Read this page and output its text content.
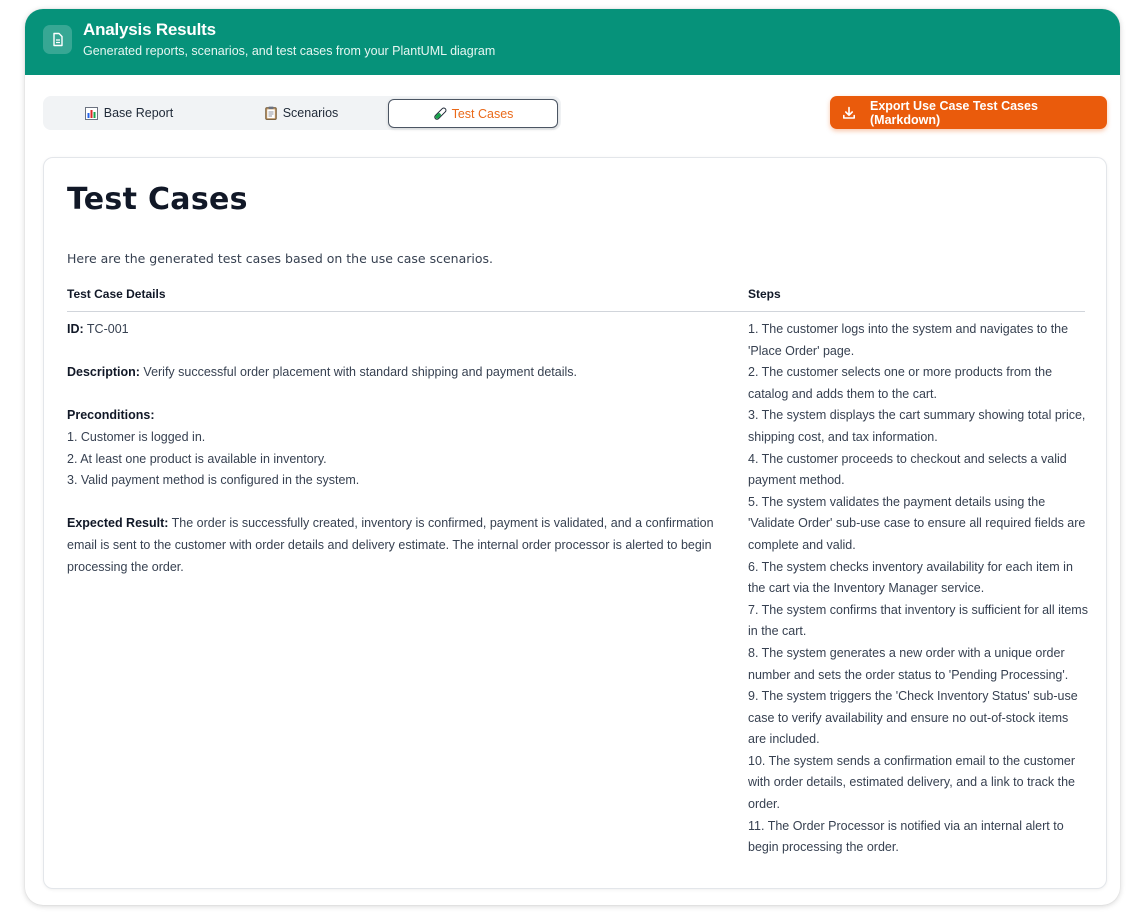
Analysis Results
Generated reports, scenarios, and test cases from your PlantUML diagram
Base Report	Scenarios	Test Cases
Export Use Case Test Cases (Markdown)
Test Cases
Here are the generated test cases based on the use case scenarios.
Test Case Details	Steps
ID: TC-001
Description: Verify successful order placement with standard shipping and payment details.
Preconditions:
1. Customer is logged in.
2. At least one product is available in inventory.
3. Valid payment method is configured in the system.
Expected Result: The order is successfully created, inventory is confirmed, payment is validated, and a confirmation email is sent to the customer with order details and delivery estimate. The internal order processor is alerted to begin processing the order.
1. The customer logs into the system and navigates to the 'Place Order' page.
2. The customer selects one or more products from the catalog and adds them to the cart.
3. The system displays the cart summary showing total price, shipping cost, and tax information.
4. The customer proceeds to checkout and selects a valid payment method.
5. The system validates the payment details using the 'Validate Order' sub-use case to ensure all required fields are complete and valid.
6. The system checks inventory availability for each item in the cart via the Inventory Manager service.
7. The system confirms that inventory is sufficient for all items in the cart.
8. The system generates a new order with a unique order number and sets the order status to 'Pending Processing'.
9. The system triggers the 'Check Inventory Status' sub-use case to verify availability and ensure no out-of-stock items are included.
10. The system sends a confirmation email to the customer with order details, estimated delivery, and a link to track the order.
11. The Order Processor is notified via an internal alert to begin processing the order.
